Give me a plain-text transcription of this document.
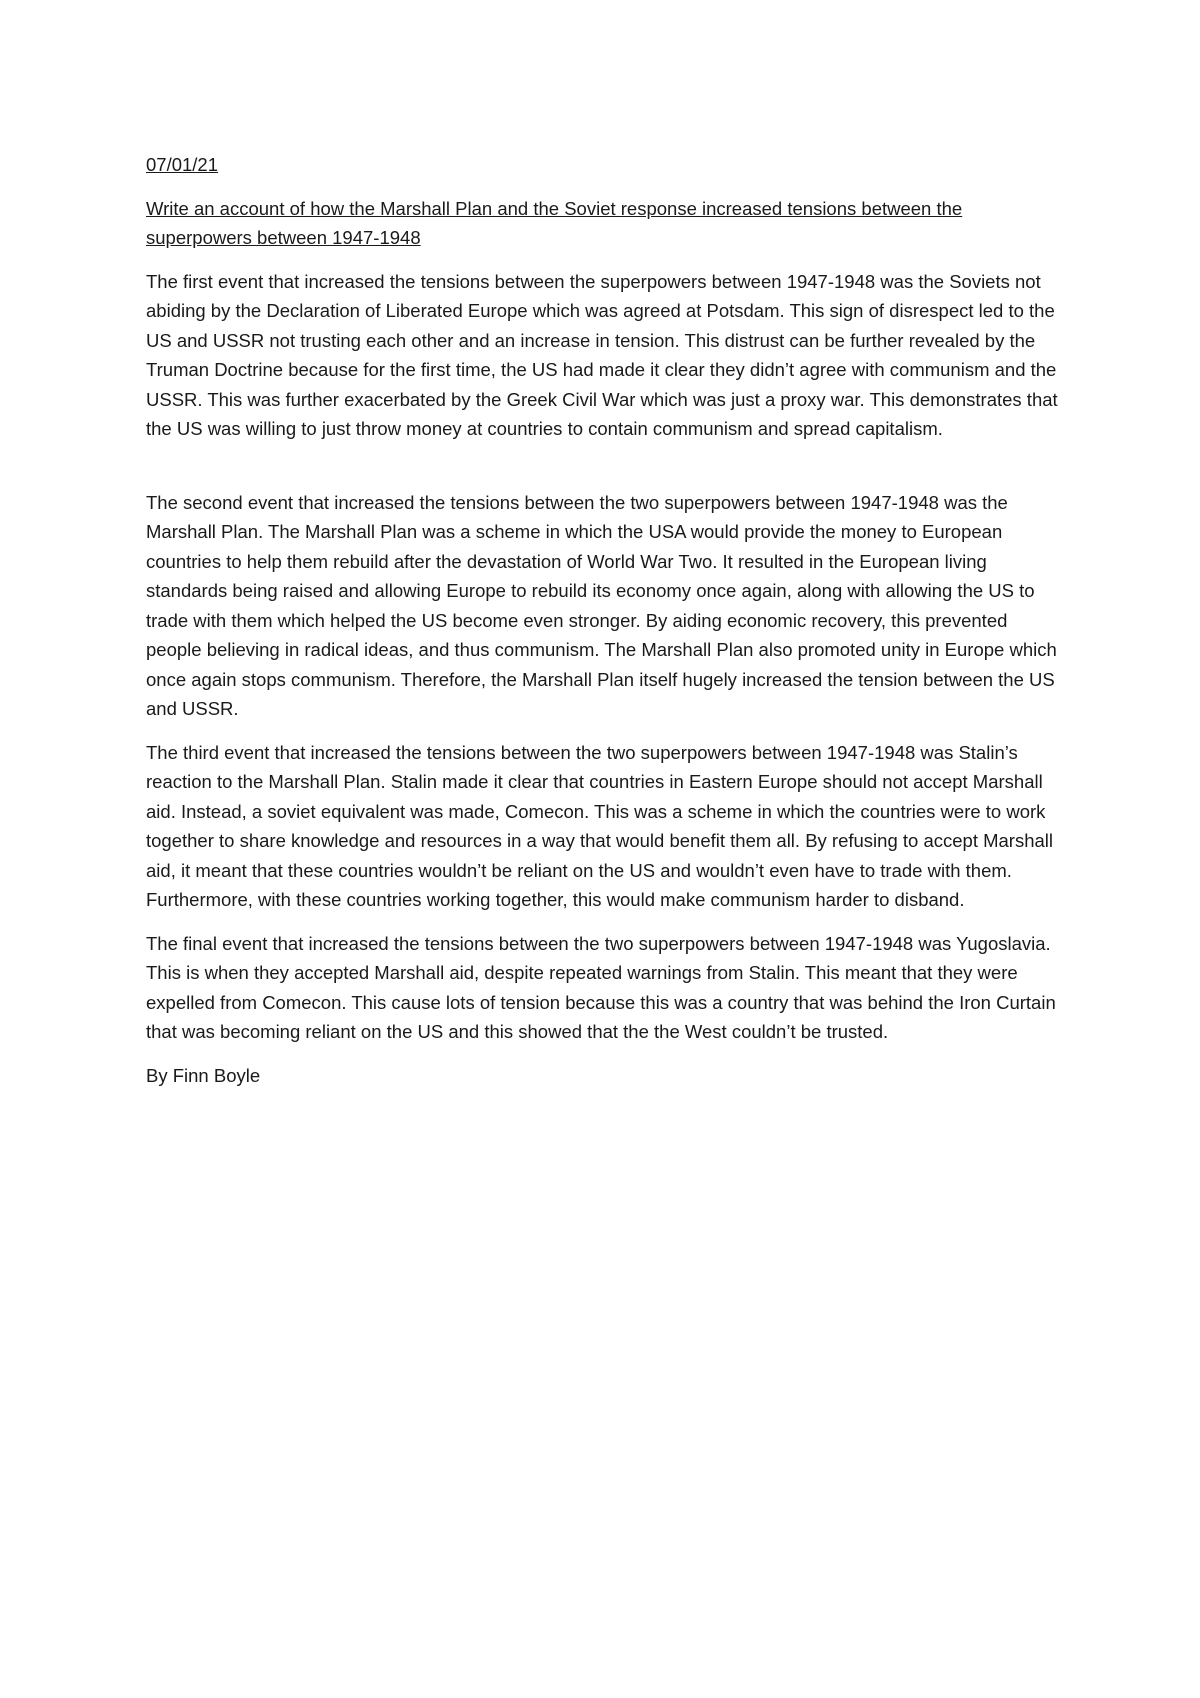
07/01/21

Write an account of how the Marshall Plan and the Soviet response increased tensions between the superpowers between 1947-1948

The first event that increased the tensions between the superpowers between 1947-1948 was the Soviets not abiding by the Declaration of Liberated Europe which was agreed at Potsdam. This sign of disrespect led to the US and USSR not trusting each other and an increase in tension. This distrust can be further revealed by the Truman Doctrine because for the first time, the US had made it clear they didn’t agree with communism and the USSR. This was further exacerbated by the Greek Civil War which was just a proxy war. This demonstrates that the US was willing to just throw money at countries to contain communism and spread capitalism.

The second event that increased the tensions between the two superpowers between 1947-1948 was the Marshall Plan. The Marshall Plan was a scheme in which the USA would provide the money to European countries to help them rebuild after the devastation of World War Two. It resulted in the European living standards being raised and allowing Europe to rebuild its economy once again, along with allowing the US to trade with them which helped the US become even stronger. By aiding economic recovery, this prevented people believing in radical ideas, and thus communism. The Marshall Plan also promoted unity in Europe which once again stops communism. Therefore, the Marshall Plan itself hugely increased the tension between the US and USSR.

The third event that increased the tensions between the two superpowers between 1947-1948 was Stalin’s reaction to the Marshall Plan. Stalin made it clear that countries in Eastern Europe should not accept Marshall aid. Instead, a soviet equivalent was made, Comecon. This was a scheme in which the countries were to work together to share knowledge and resources in a way that would benefit them all. By refusing to accept Marshall aid, it meant that these countries wouldn’t be reliant on the US and wouldn’t even have to trade with them. Furthermore, with these countries working together, this would make communism harder to disband.

The final event that increased the tensions between the two superpowers between 1947-1948 was Yugoslavia. This is when they accepted Marshall aid, despite repeated warnings from Stalin. This meant that they were expelled from Comecon. This cause lots of tension because this was a country that was behind the Iron Curtain that was becoming reliant on the US and this showed that the the West couldn’t be trusted.

By Finn Boyle
